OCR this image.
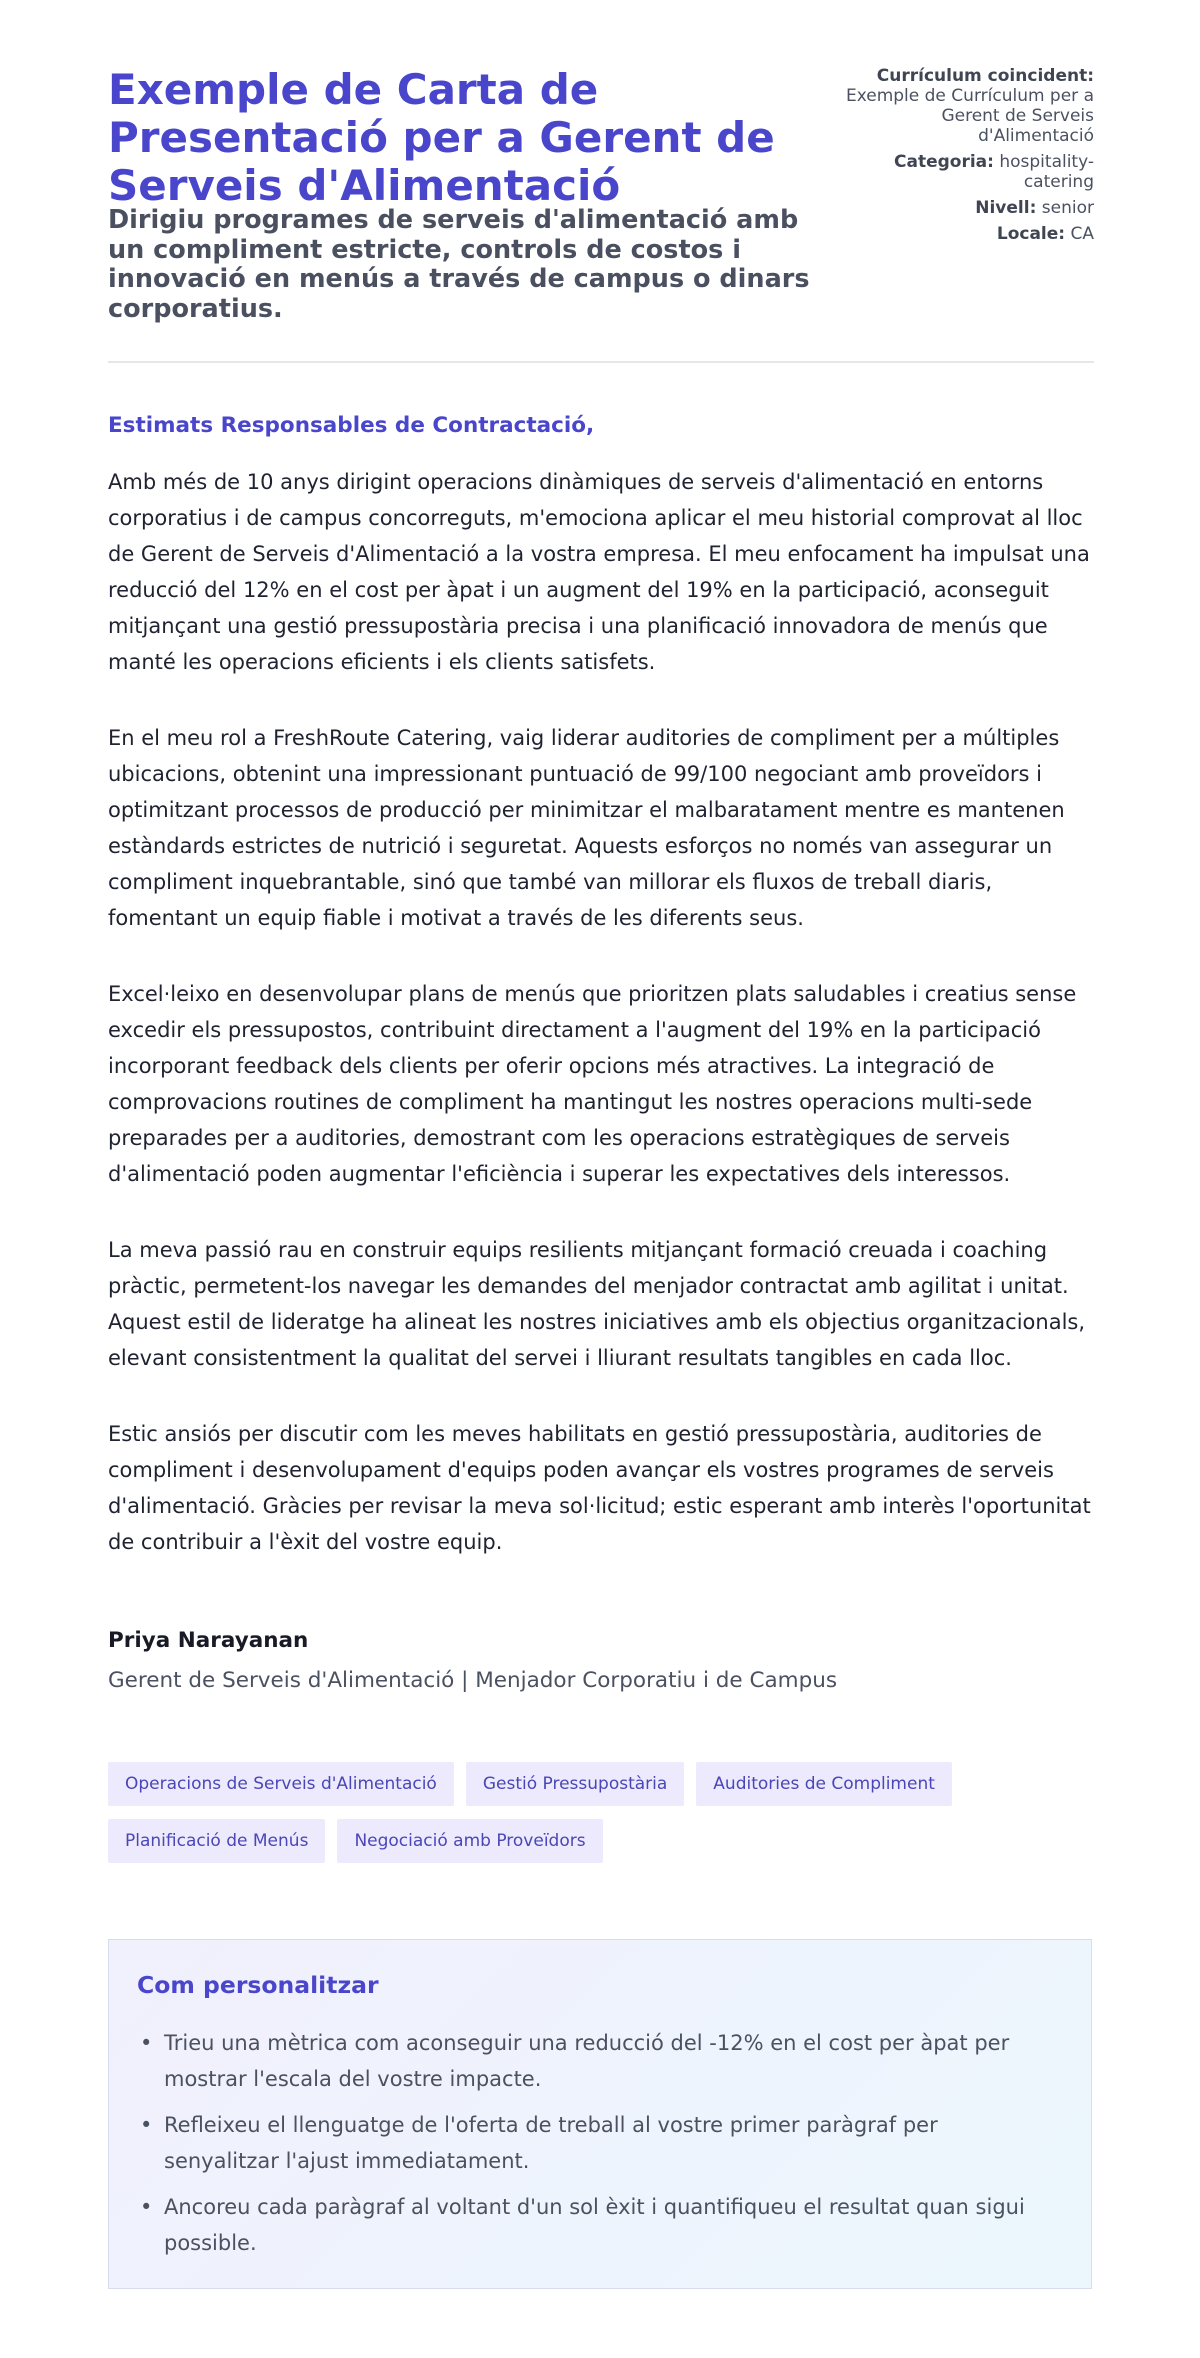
Exemple de Carta de Presentació per a Gerent de Serveis d'Alimentació
Dirigiu programes de serveis d'alimentació amb un compliment estricte, controls de costos i innovació en menús a través de campus o dinars corporatius.
Currículum coincident: Exemple de Currículum per a Gerent de Serveis d'Alimentació
Categoria: hospitality-catering
Nivell: senior
Locale: CA

Estimats Responsables de Contractació,

Amb més de 10 anys dirigint operacions dinàmiques de serveis d'alimentació en entorns corporatius i de campus concorreguts, m'emociona aplicar el meu historial comprovat al lloc de Gerent de Serveis d'Alimentació a la vostra empresa. El meu enfocament ha impulsat una reducció del 12% en el cost per àpat i un augment del 19% en la participació, aconseguit mitjançant una gestió pressupostària precisa i una planificació innovadora de menús que manté les operacions eficients i els clients satisfets.

En el meu rol a FreshRoute Catering, vaig liderar auditories de compliment per a múltiples ubicacions, obtenint una impressionant puntuació de 99/100 negociant amb proveïdors i optimitzant processos de producció per minimitzar el malbaratament mentre es mantenen estàndards estrictes de nutrició i seguretat. Aquests esforços no només van assegurar un compliment inquebrantable, sinó que també van millorar els fluxos de treball diaris, fomentant un equip fiable i motivat a través de les diferents seus.

Excel·leixo en desenvolupar plans de menús que prioritzen plats saludables i creatius sense excedir els pressupostos, contribuint directament a l'augment del 19% en la participació incorporant feedback dels clients per oferir opcions més atractives. La integració de comprovacions routines de compliment ha mantingut les nostres operacions multi-sede preparades per a auditories, demostrant com les operacions estratègiques de serveis d'alimentació poden augmentar l'eficiència i superar les expectatives dels interessos.

La meva passió rau en construir equips resilients mitjançant formació creuada i coaching pràctic, permetent-los navegar les demandes del menjador contractat amb agilitat i unitat. Aquest estil de lideratge ha alineat les nostres iniciatives amb els objectius organitzacionals, elevant consistentment la qualitat del servei i lliurant resultats tangibles en cada lloc.

Estic ansiós per discutir com les meves habilitats en gestió pressupostària, auditories de compliment i desenvolupament d'equips poden avançar els vostres programes de serveis d'alimentació. Gràcies per revisar la meva sol·licitud; estic esperant amb interès l'oportunitat de contribuir a l'èxit del vostre equip.

Priya Narayanan

Gerent de Serveis d'Alimentació | Menjador Corporatiu i de Campus

Operacions de Serveis d'Alimentació	Gestió Pressupostària	Auditories de Compliment
Planificació de Menús	Negociació amb Proveïdors
Com personalitzar
• Trieu una mètrica com aconseguir una reducció del -12% en el cost per àpat per mostrar l'escala del vostre impacte.
• Refleixeu el llenguatge de l'oferta de treball al vostre primer paràgraf per senyalitzar l'ajust immediatament.
• Ancoreu cada paràgraf al voltant d'un sol èxit i quantifiqueu el resultat quan sigui possible.
